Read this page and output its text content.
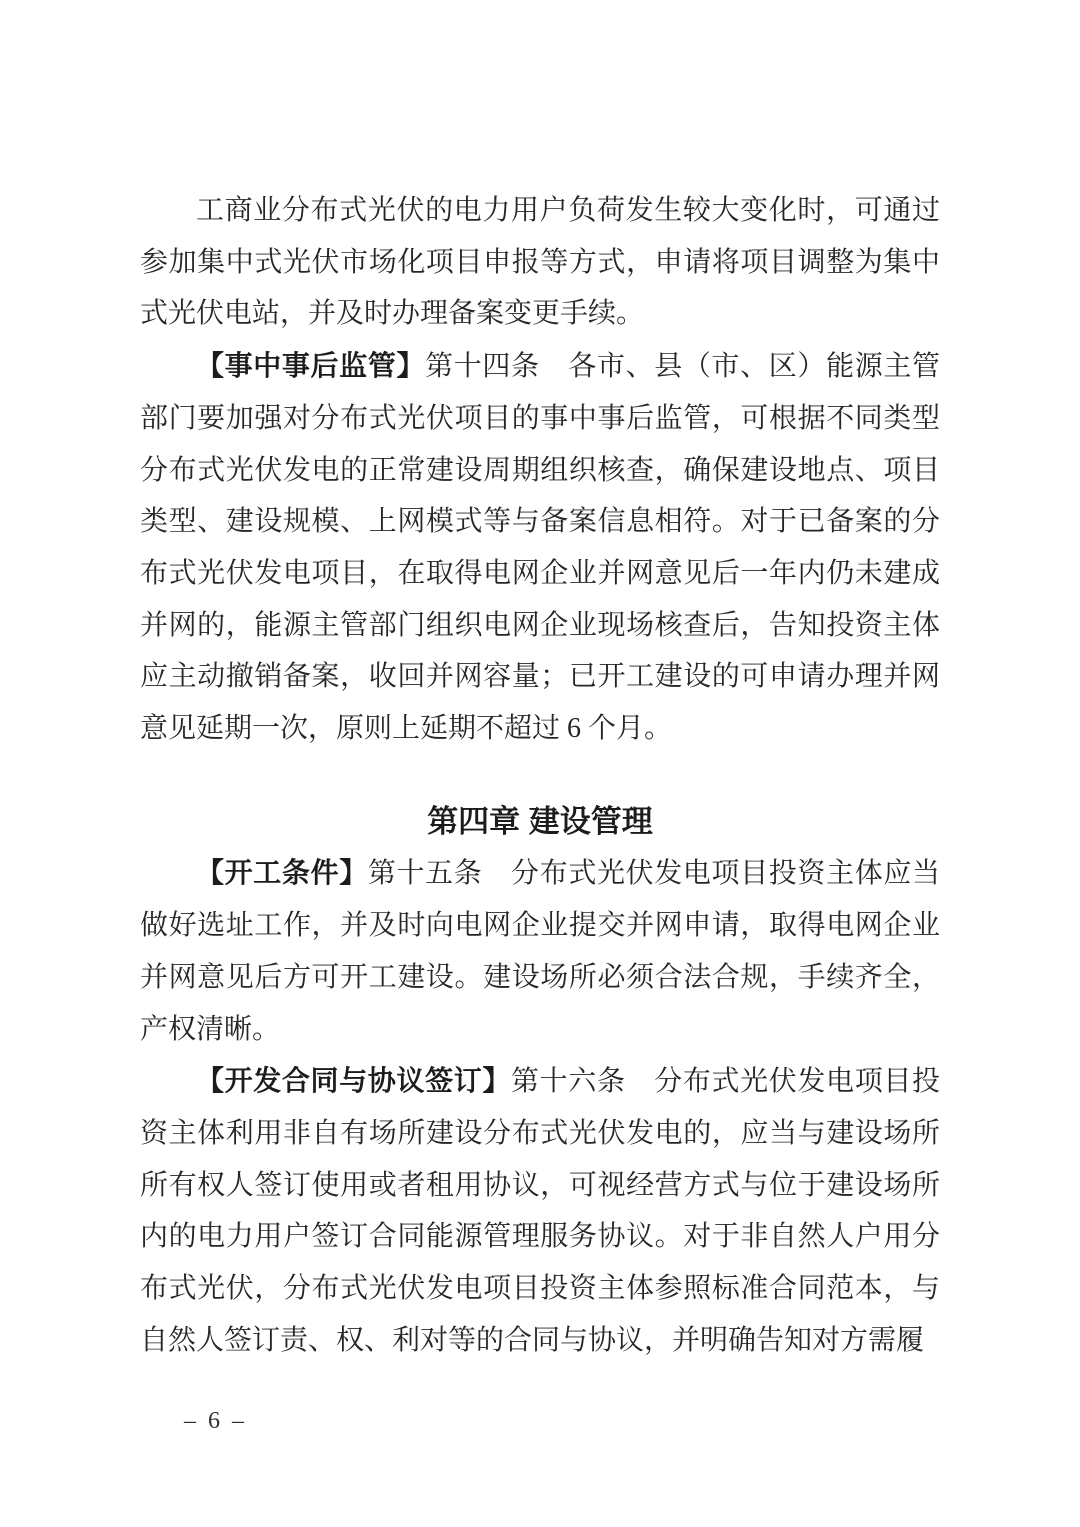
工商业分布式光伏的电力用户负荷发生较大变化时，可通过参加集中式光伏市场化项目申报等方式，申请将项目调整为集中式光伏电站，并及时办理备案变更手续。

【事中事后监管】第十四条　各市、县（市、区）能源主管部门要加强对分布式光伏项目的事中事后监管，可根据不同类型分布式光伏发电的正常建设周期组织核查，确保建设地点、项目类型、建设规模、上网模式等与备案信息相符。对于已备案的分布式光伏发电项目，在取得电网企业并网意见后一年内仍未建成并网的，能源主管部门组织电网企业现场核查后，告知投资主体应主动撤销备案，收回并网容量；已开工建设的可申请办理并网意见延期一次，原则上延期不超过 6 个月。

第四章 建设管理

【开工条件】第十五条　分布式光伏发电项目投资主体应当做好选址工作，并及时向电网企业提交并网申请，取得电网企业并网意见后方可开工建设。建设场所必须合法合规，手续齐全，产权清晰。

【开发合同与协议签订】第十六条　分布式光伏发电项目投资主体利用非自有场所建设分布式光伏发电的，应当与建设场所所有权人签订使用或者租用协议，可视经营方式与位于建设场所内的电力用户签订合同能源管理服务协议。对于非自然人户用分布式光伏，分布式光伏发电项目投资主体参照标准合同范本，与自然人签订责、权、利对等的合同与协议，并明确告知对方需履

– 6 –
